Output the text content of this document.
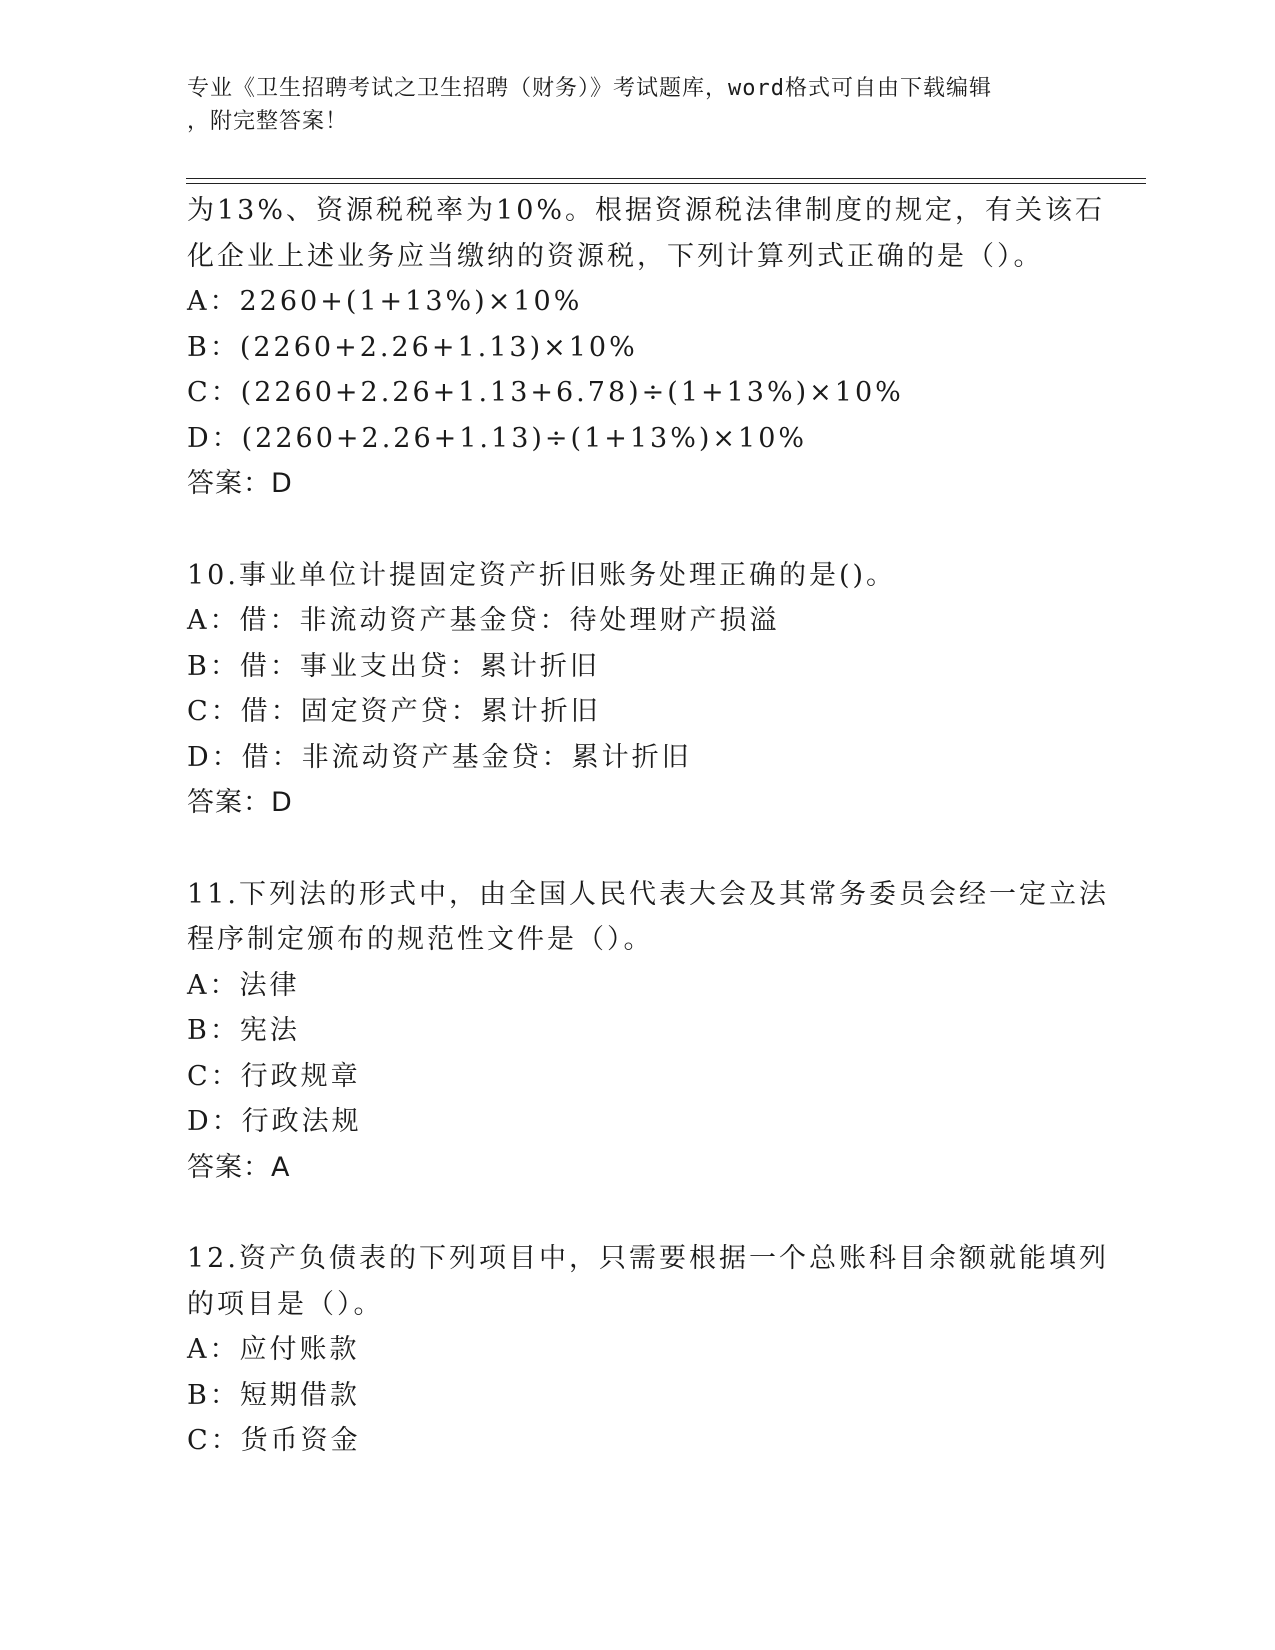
专业《卫生招聘考试之卫生招聘（财务）》考试题库，word格式可自由下载编辑
，附完整答案！
为13%、资源税税率为10%。根据资源税法律制度的规定，有关该石
化企业上述业务应当缴纳的资源税，下列计算列式正确的是（）。
A：2260+(1+13%)×10%
B：(2260+2.26+1.13)×10%
C：(2260+2.26+1.13+6.78)÷(1+13%)×10%
D：(2260+2.26+1.13)÷(1+13%)×10%
答案：D
10.事业单位计提固定资产折旧账务处理正确的是()。
A：借：非流动资产基金贷：待处理财产损溢
B：借：事业支出贷：累计折旧
C：借：固定资产贷：累计折旧
D：借：非流动资产基金贷：累计折旧
答案：D
11.下列法的形式中，由全国人民代表大会及其常务委员会经一定立法
程序制定颁布的规范性文件是（）。
A：法律
B：宪法
C：行政规章
D：行政法规
答案：A
12.资产负债表的下列项目中，只需要根据一个总账科目余额就能填列
的项目是（）。
A：应付账款
B：短期借款
C：货币资金
